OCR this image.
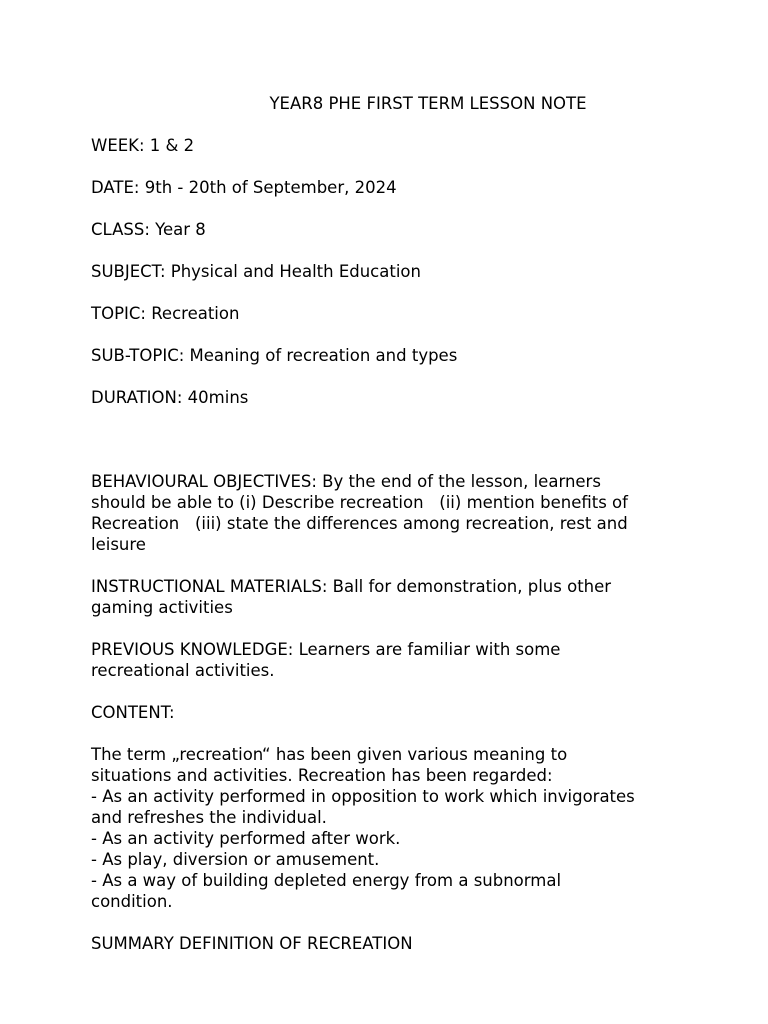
YEAR8 PHE FIRST TERM LESSON NOTE

WEEK: 1 & 2

DATE: 9th - 20th of September, 2024

CLASS: Year 8

SUBJECT: Physical and Health Education

TOPIC: Recreation

SUB-TOPIC: Meaning of recreation and types

DURATION: 40mins

BEHAVIOURAL OBJECTIVES: By the end of the lesson, learners
should be able to (i) Describe recreation   (ii) mention benefits of
Recreation   (iii) state the differences among recreation, rest and
leisure

INSTRUCTIONAL MATERIALS: Ball for demonstration, plus other
gaming activities

PREVIOUS KNOWLEDGE: Learners are familiar with some
recreational activities.

CONTENT:

The term „recreation“ has been given various meaning to
situations and activities. Recreation has been regarded:
- As an activity performed in opposition to work which invigorates
and refreshes the individual.
- As an activity performed after work.
- As play, diversion or amusement.
- As a way of building depleted energy from a subnormal
condition.

SUMMARY DEFINITION OF RECREATION
